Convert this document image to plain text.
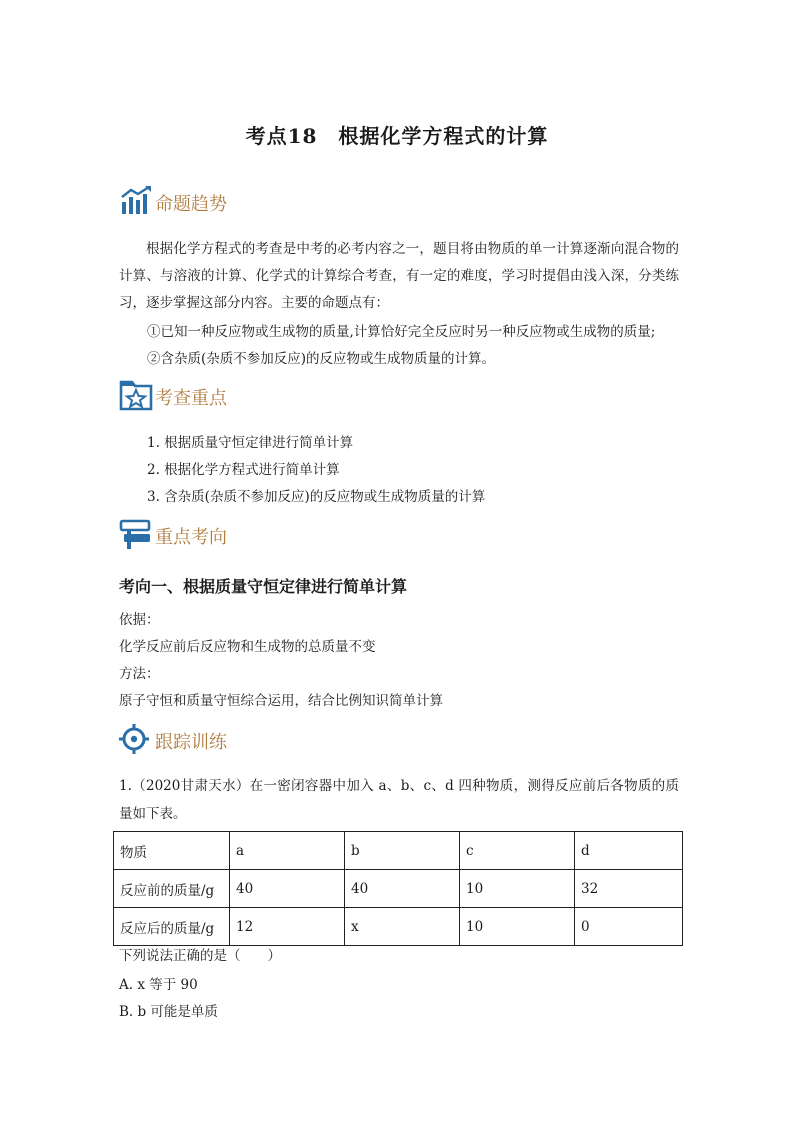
考点18　根据化学方程式的计算
命题趋势
根据化学方程式的考查是中考的必考内容之一，题目将由物质的单一计算逐渐向混合物的计算、与溶液的计算、化学式的计算综合考查，有一定的难度，学习时提倡由浅入深，分类练习，逐步掌握这部分内容。主要的命题点有：
①已知一种反应物或生成物的质量,计算恰好完全反应时另一种反应物或生成物的质量;
②含杂质(杂质不参加反应)的反应物或生成物质量的计算。
考查重点
1. 根据质量守恒定律进行简单计算
2. 根据化学方程式进行简单计算
3. 含杂质(杂质不参加反应)的反应物或生成物质量的计算
重点考向
考向一、根据质量守恒定律进行简单计算
依据：
化学反应前后反应物和生成物的总质量不变
方法：
原子守恒和质量守恒综合运用，结合比例知识简单计算
跟踪训练
1.（2020甘肃天水）在一密闭容器中加入 a、b、c、d 四种物质，测得反应前后各物质的质量如下表。
物质	a	b	c	d
反应前的质量/g	40	40	10	32
反应后的质量/g	12	x	10	0
下列说法正确的是（　　）
A. x 等于 90
B. b 可能是单质
